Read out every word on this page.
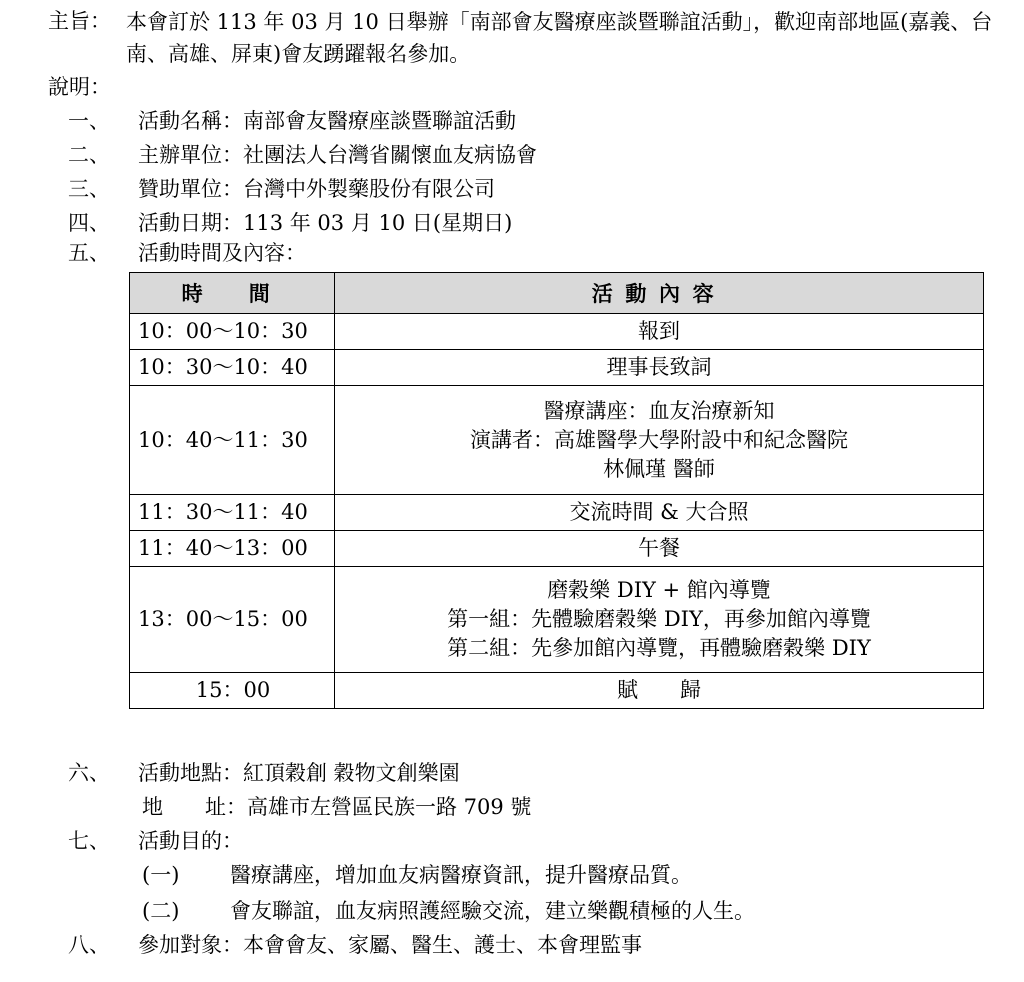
主旨： 本會訂於 113 年 03 月 10 日舉辦「南部會友醫療座談暨聯誼活動」，歡迎南部地區(嘉義、台南、高雄、屏東)會友踴躍報名參加。
說明：
一、 活動名稱：南部會友醫療座談暨聯誼活動
二、 主辦單位：社團法人台灣省關懷血友病協會
三、 贊助單位：台灣中外製藥股份有限公司
四、 活動日期：113 年 03 月 10 日(星期日)
五、 活動時間及內容：
時　間	活動內容
10：00～10：30	報到

10：30～10：40	理事長致詞

10：40～11：30	醫療講座：血友治療新知
演講者：高雄醫學大學附設中和紀念醫院
林佩瑾 醫師

11：30～11：40	交流時間 & 大合照

11：40～13：00	午餐

13：00～15：00	磨穀樂 DIY + 館內導覽
第一組：先體驗磨穀樂 DIY，再參加館內導覽
第二組：先參加館內導覽，再體驗磨穀樂 DIY

15：00	賦　　歸
六、 活動地點：紅頂穀創 穀物文創樂園
地　　址：高雄市左營區民族一路 709 號
七、 活動目的：
(一) 醫療講座，增加血友病醫療資訊，提升醫療品質。
(二) 會友聯誼，血友病照護經驗交流，建立樂觀積極的人生。
八、 參加對象：本會會友、家屬、醫生、護士、本會理監事
